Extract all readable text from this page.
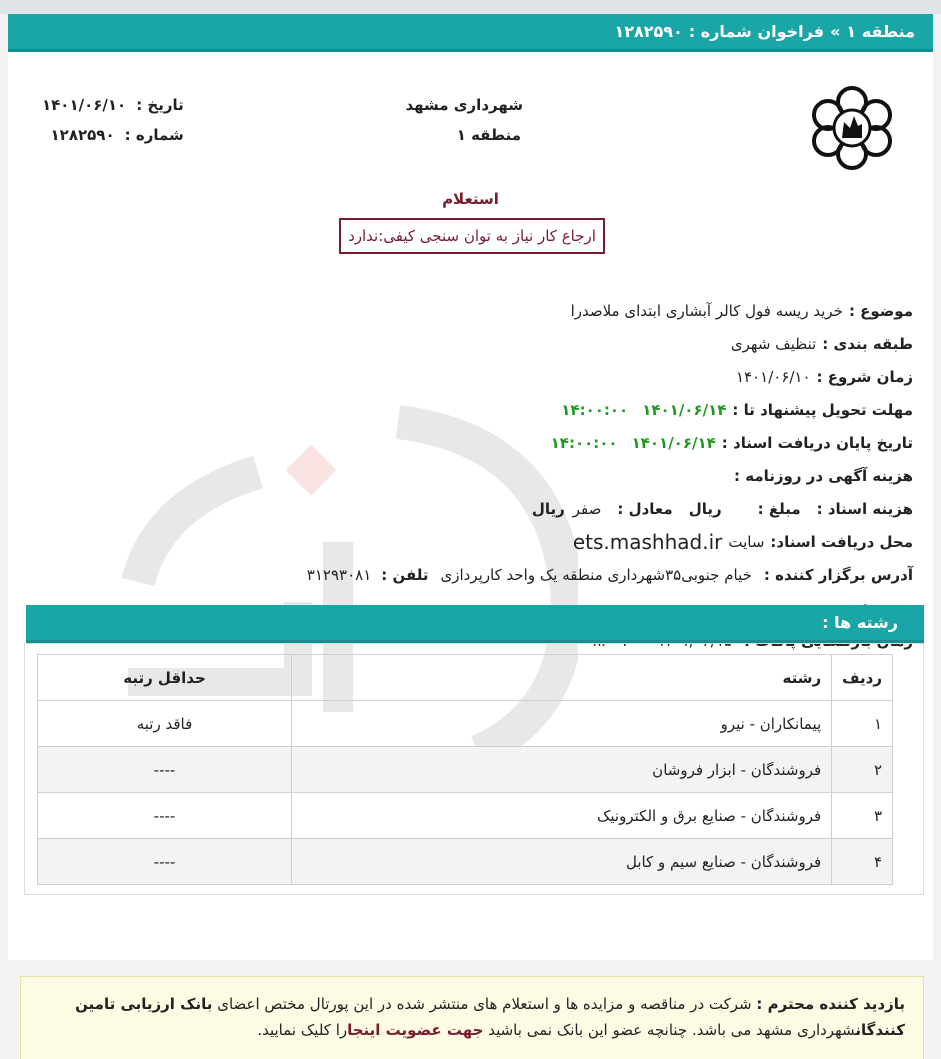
منطقه ۱
»
فراخوان شماره :
۱۲۸۲۵۹۰
شهرداری مشهد
منطقه ۱
تاریخ :
۱۴۰۱/۰۶/۱۰
شماره :
۱۲۸۲۵۹۰
استعلام
ارجاع کار نیاز به توان سنجی کیفی:ندارد
موضوع :
خرید ریسه فول کالر آبشاری ابتدای ملاصدرا
طبقه بندی :
تنظیف شهری
زمان شروع :
۱۴۰۱/۰۶/۱۰
مهلت تحویل پیشنهاد تا :
۱۴۰۱/۰۶/۱۴
۱۴:۰۰:۰۰
تاریخ پایان دریافت اسناد :
۱۴۰۱/۰۶/۱۴
۱۴:۰۰:۰۰
هزینه آگهی در روزنامه :
هزینه اسناد :
مبلغ :
ریال
معادل :
صفر
ریال
محل دریافت اسناد:
سایت
ets.mashhad.ir
آدرس برگزار کننده :
خیام جنوبی۳۵شهرداری منطقه یک واحد کارپردازی
تلفن :
۳۱۲۹۳۰۸۱
رشته ها :
ردیف	رشته	حداقل رتبه
۱	پیمانکاران - نیرو	فاقد رتبه
۲	فروشندگان - ابزار فروشان	----
۳	فروشندگان - صنایع برق و الکترونیک	----
۴	فروشندگان - صنایع سیم و کابل	----
بازدید کننده محترم : شرکت در مناقصه و مزایده ها و استعلام های منتشر شده در این پورتال مختص اعضای بانک ارزیابی تامین کنندگانشهرداری مشهد می باشد. چنانچه عضو این بانک نمی باشید جهت عضویت اینجارا کلیک نمایید.
